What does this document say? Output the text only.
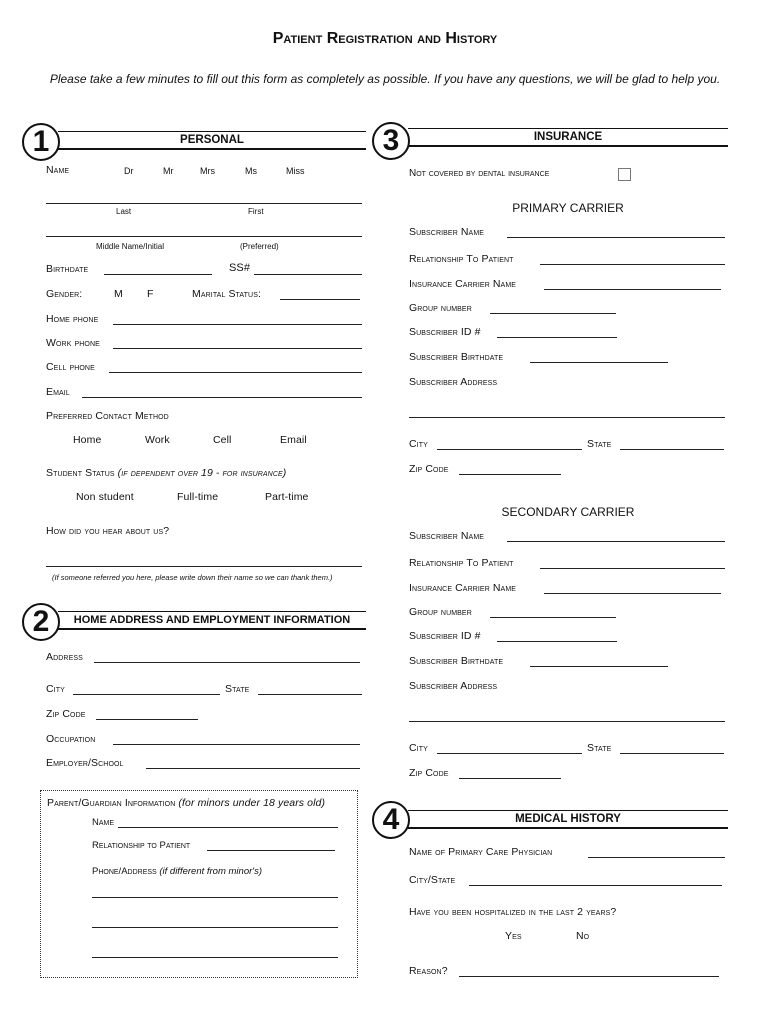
Patient Registration and History
Please take a few minutes to fill out this form as completely as possible. If you have any questions, we will be glad to help you.
1	PERSONAL
Name	Dr	Mr	Mrs	Ms	Miss
Last	First
Middle Name/Initial	(Preferred)
Birthdate	SS#
Gender:	M F	Marital Status:
Home phone
Work phone
Cell phone
Email
Preferred Contact Method
Home	Work	Cell	Email
Student Status (if dependent over 19 - for insurance)
Non student	Full-time	Part-time
How did you hear about us?
(If someone referred you here, please write down their name so we can thank them.)
2	HOME ADDRESS AND EMPLOYMENT INFORMATION
Address
City	State
Zip Code
Occupation
Employer/School
Parent/Guardian Information (for minors under 18 years old)
Name
Relationship to Patient
Phone/Address (if different from minor's)
3	INSURANCE
Not covered by dental insurance
PRIMARY CARRIER
Subscriber Name
Relationship To Patient
Insurance Carrier Name
Group number
Subscriber ID #
Subscriber Birthdate
Subscriber Address
City	State
Zip Code
SECONDARY CARRIER
Subscriber Name
Relationship To Patient
Insurance Carrier Name
Group number
Subscriber ID #
Subscriber Birthdate
Subscriber Address
City	State
Zip Code
4	MEDICAL HISTORY
Name of Primary Care Physician
City/State
Have you been hospitalized in the last 2 years?
Yes	No
Reason?
